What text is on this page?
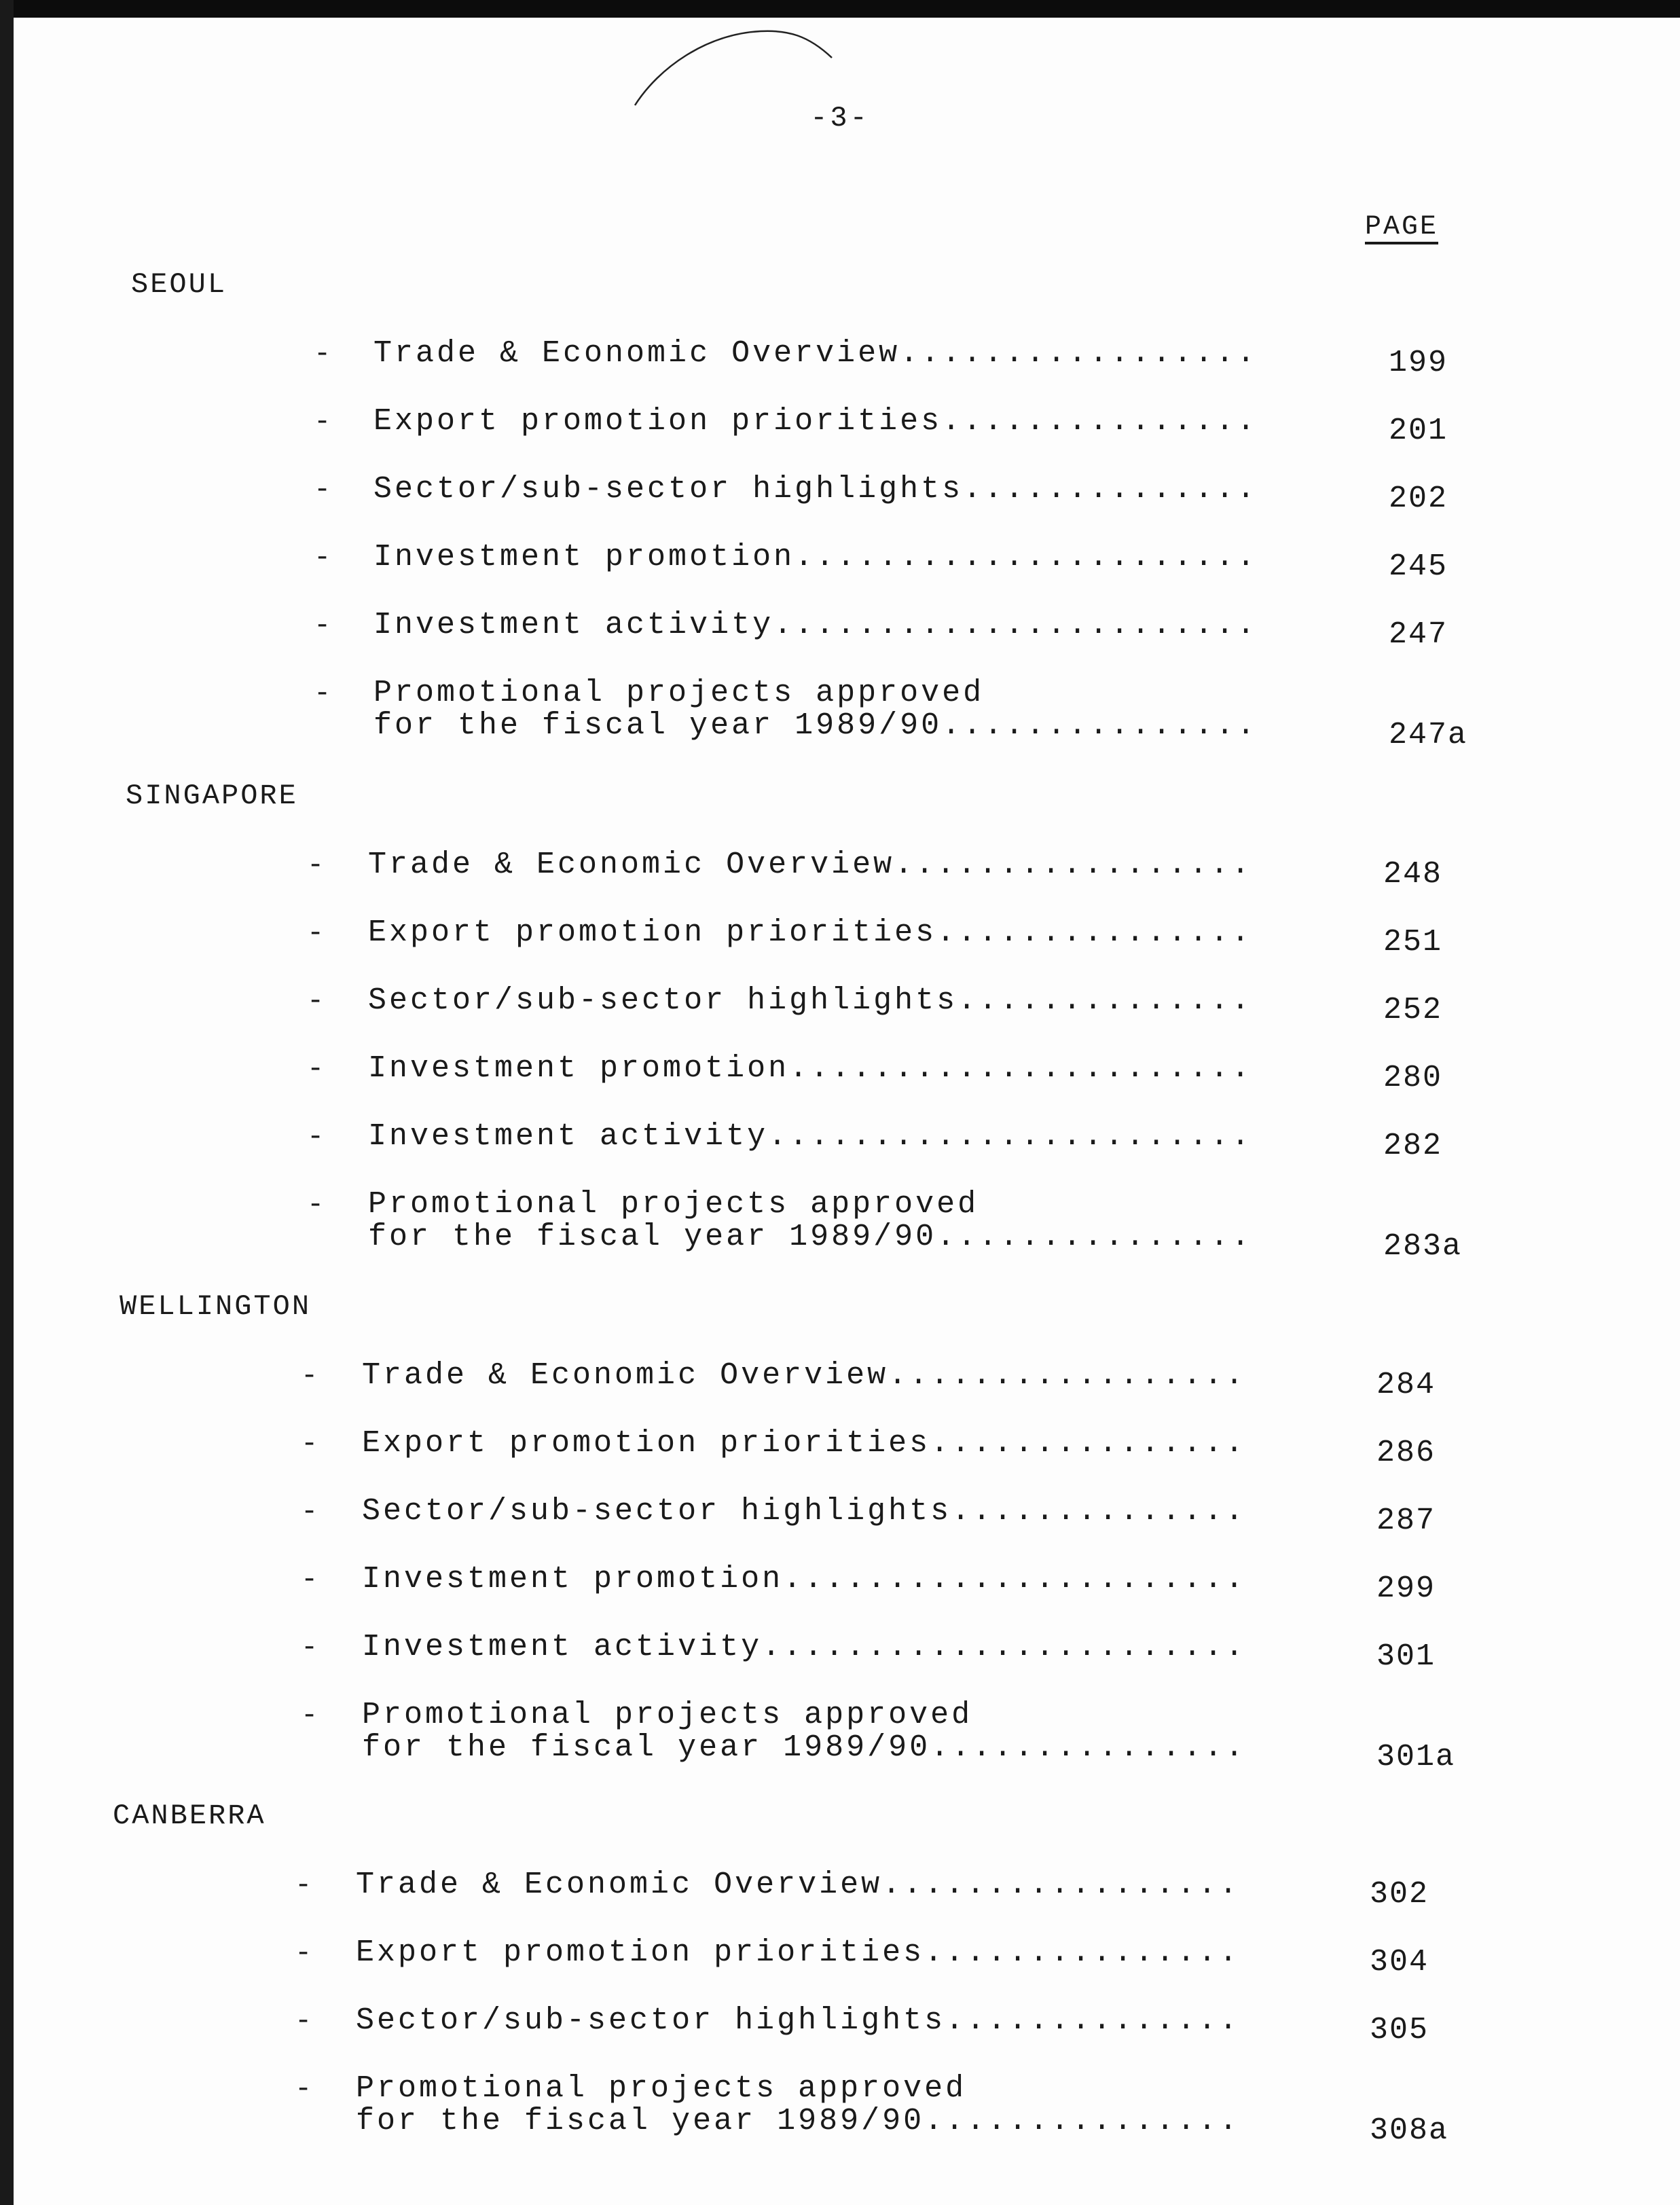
-3-
PAGE
SEOUL
- Trade & Economic Overview.................	199
- Export promotion priorities...............	201
- Sector/sub-sector highlights..............	202
- Investment promotion......................	245
- Investment activity.......................	247
- Promotional projects approved
for the fiscal year 1989/90...............	247a
SINGAPORE
- Trade & Economic Overview.................	248
- Export promotion priorities...............	251
- Sector/sub-sector highlights..............	252
- Investment promotion......................	280
- Investment activity.......................	282
- Promotional projects approved
for the fiscal year 1989/90...............	283a
WELLINGTON
- Trade & Economic Overview.................	284
- Export promotion priorities...............	286
- Sector/sub-sector highlights..............	287
- Investment promotion......................	299
- Investment activity.......................	301
- Promotional projects approved
for the fiscal year 1989/90...............	301a
CANBERRA
- Trade & Economic Overview.................	302
- Export promotion priorities...............	304
- Sector/sub-sector highlights..............	305
- Promotional projects approved
for the fiscal year 1989/90...............	308a
